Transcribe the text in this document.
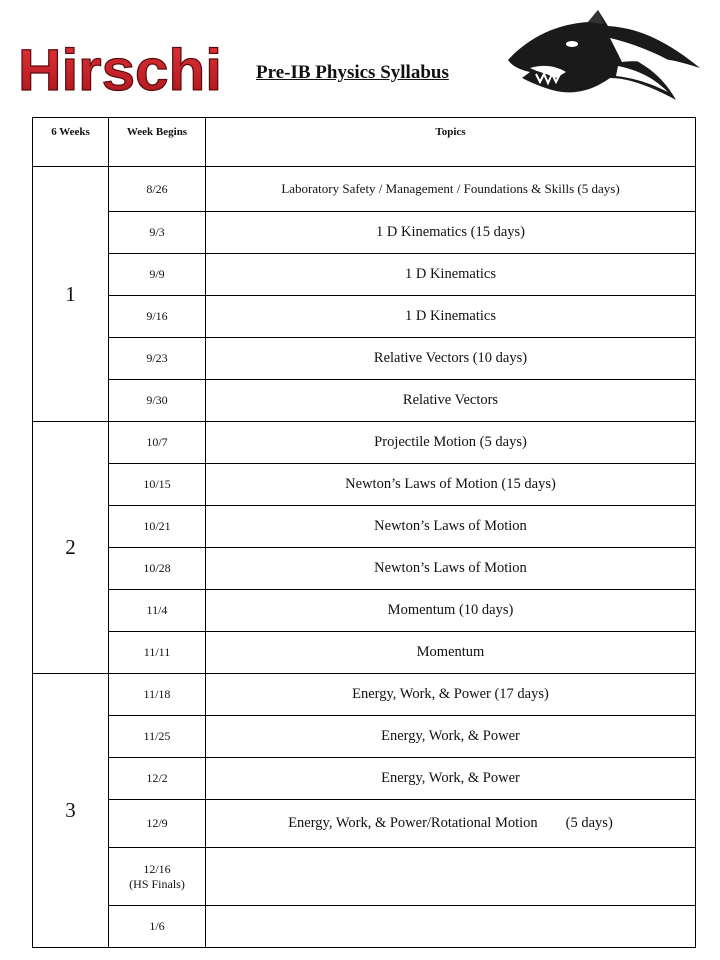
Hirschi Pre-IB Physics Syllabus
6 Weeks	Week Begins	Topics
1	8/26	Laboratory Safety / Management / Foundations & Skills (5 days)
	9/3	1 D Kinematics (15 days)
	9/9	1 D Kinematics
	9/16	1 D Kinematics
	9/23	Relative Vectors (10 days)
	9/30	Relative Vectors
2	10/7	Projectile Motion (5 days)
	10/15	Newton’s Laws of Motion (15 days)
	10/21	Newton’s Laws of Motion
	10/28	Newton’s Laws of Motion
	11/4	Momentum (10 days)
	11/11	Momentum
3	11/18	Energy, Work, & Power (17 days)
	11/25	Energy, Work, & Power
	12/2	Energy, Work, & Power
	12/9	Energy, Work, & Power/Rotational Motion (5 days)

	12/16
(HS Finals)	

	1/6	
